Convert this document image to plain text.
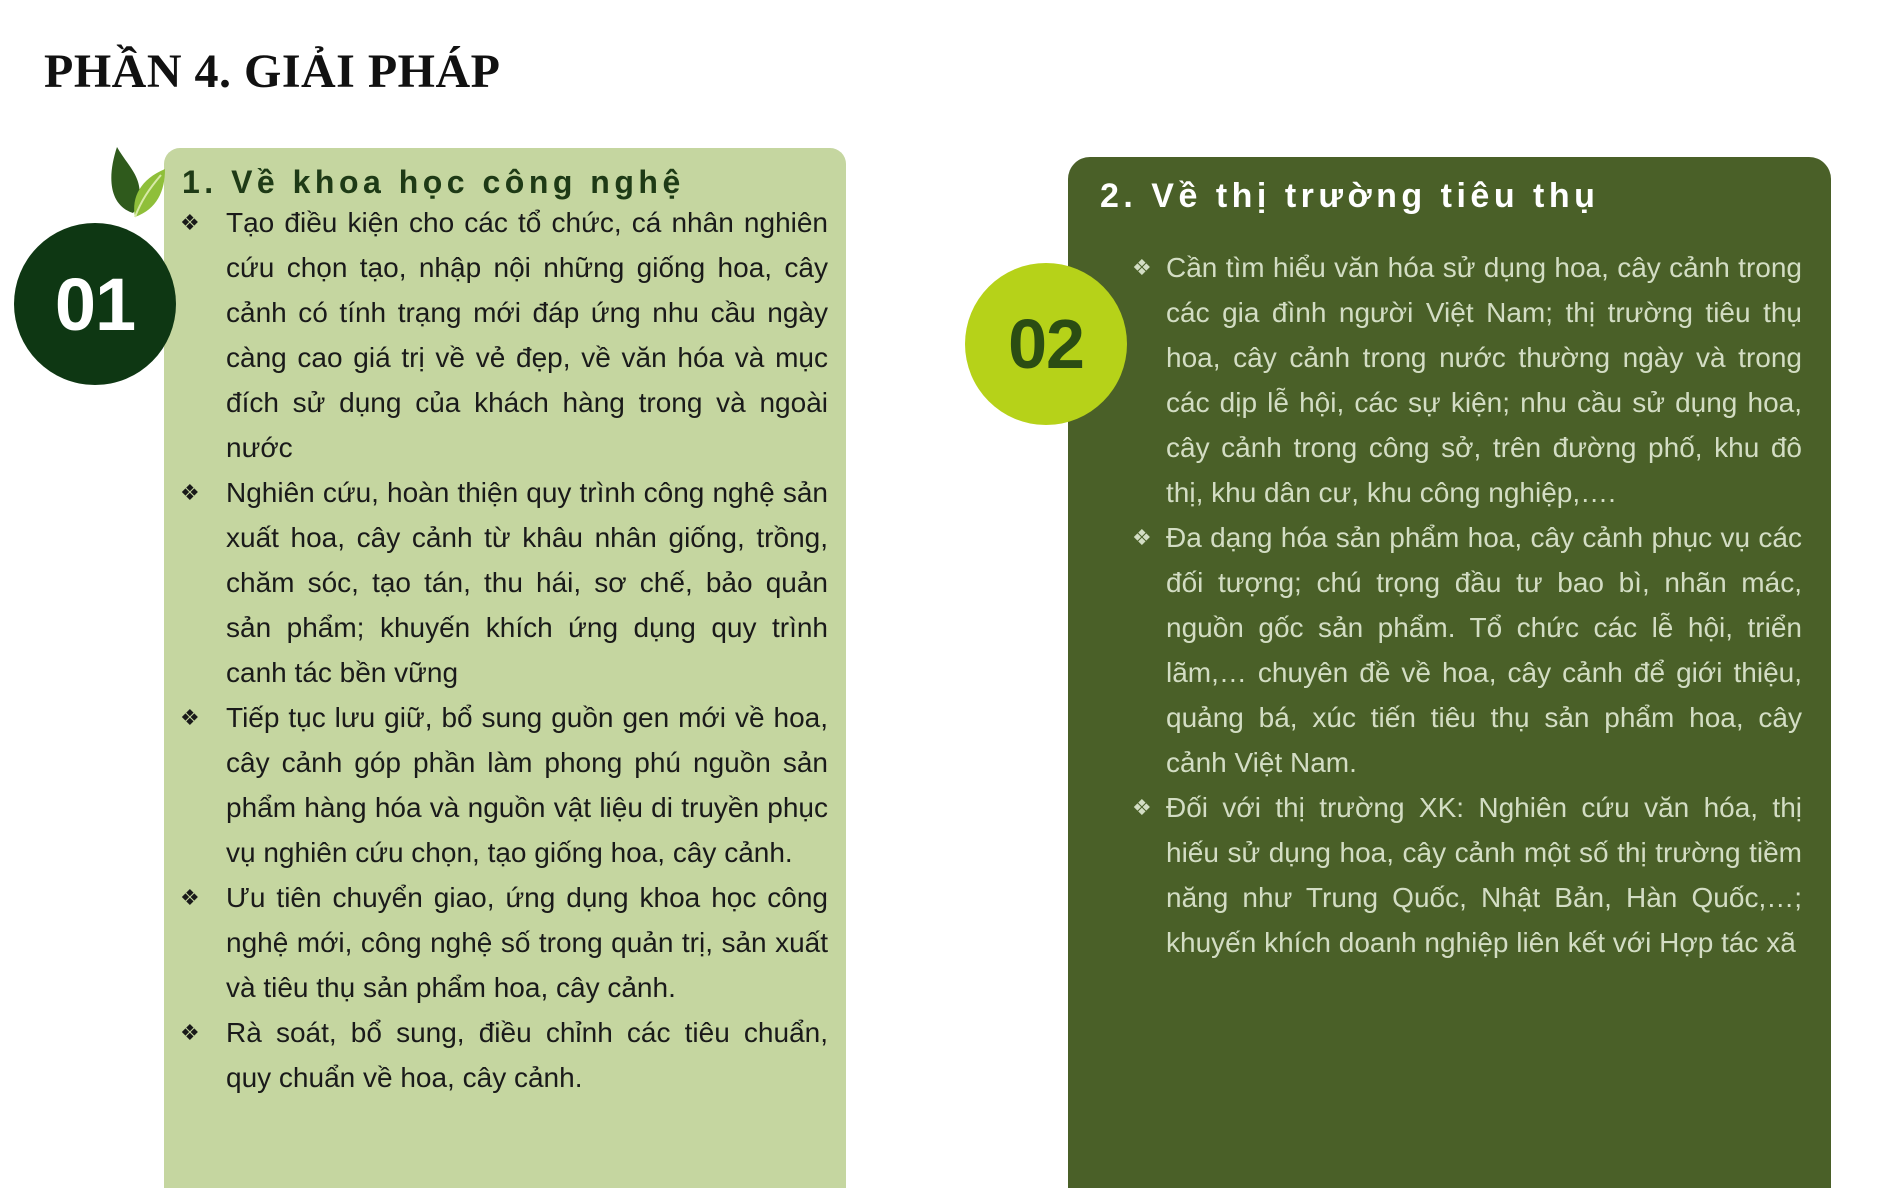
PHẦN 4. GIẢI PHÁP
1. Về khoa học công nghệ
❖ Tạo điều kiện cho các tổ chức, cá nhân nghiên cứu chọn tạo, nhập nội những giống hoa, cây cảnh có tính trạng mới đáp ứng nhu cầu ngày càng cao giá trị về vẻ đẹp, về văn hóa và mục đích sử dụng của khách hàng trong và ngoài nước
❖ Nghiên cứu, hoàn thiện quy trình công nghệ sản xuất hoa, cây cảnh từ khâu nhân giống, trồng, chăm sóc, tạo tán, thu hái, sơ chế, bảo quản sản phẩm; khuyến khích ứng dụng quy trình canh tác bền vững
❖ Tiếp tục lưu giữ, bổ sung guồn gen mới về hoa, cây cảnh góp phần làm phong phú nguồn sản phẩm hàng hóa và nguồn vật liệu di truyền phục vụ nghiên cứu chọn, tạo giống hoa, cây cảnh.
❖ Ưu tiên chuyển giao, ứng dụng khoa học công nghệ mới, công nghệ số trong quản trị, sản xuất và tiêu thụ sản phẩm hoa, cây cảnh.
❖ Rà soát, bổ sung, điều chỉnh các tiêu chuẩn, quy chuẩn về hoa, cây cảnh.
01
2. Về thị trường tiêu thụ
❖ Cần tìm hiểu văn hóa sử dụng hoa, cây cảnh trong các gia đình người Việt Nam; thị trường tiêu thụ hoa, cây cảnh trong nước thường ngày và trong các dịp lễ hội, các sự kiện; nhu cầu sử dụng hoa, cây cảnh trong công sở, trên đường phố, khu đô thị, khu dân cư, khu công nghiệp,….
❖ Đa dạng hóa sản phẩm hoa, cây cảnh phục vụ các đối tượng; chú trọng đầu tư bao bì, nhãn mác, nguồn gốc sản phẩm. Tổ chức các lễ hội, triển lãm,… chuyên đề về hoa, cây cảnh để giới thiệu, quảng bá, xúc tiến tiêu thụ sản phẩm hoa, cây cảnh Việt Nam.
❖ Đối với thị trường XK: Nghiên cứu văn hóa, thị hiếu sử dụng hoa, cây cảnh một số thị trường tiềm năng như Trung Quốc, Nhật Bản, Hàn Quốc,…; khuyến khích doanh nghiệp liên kết với Hợp tác xã
02
